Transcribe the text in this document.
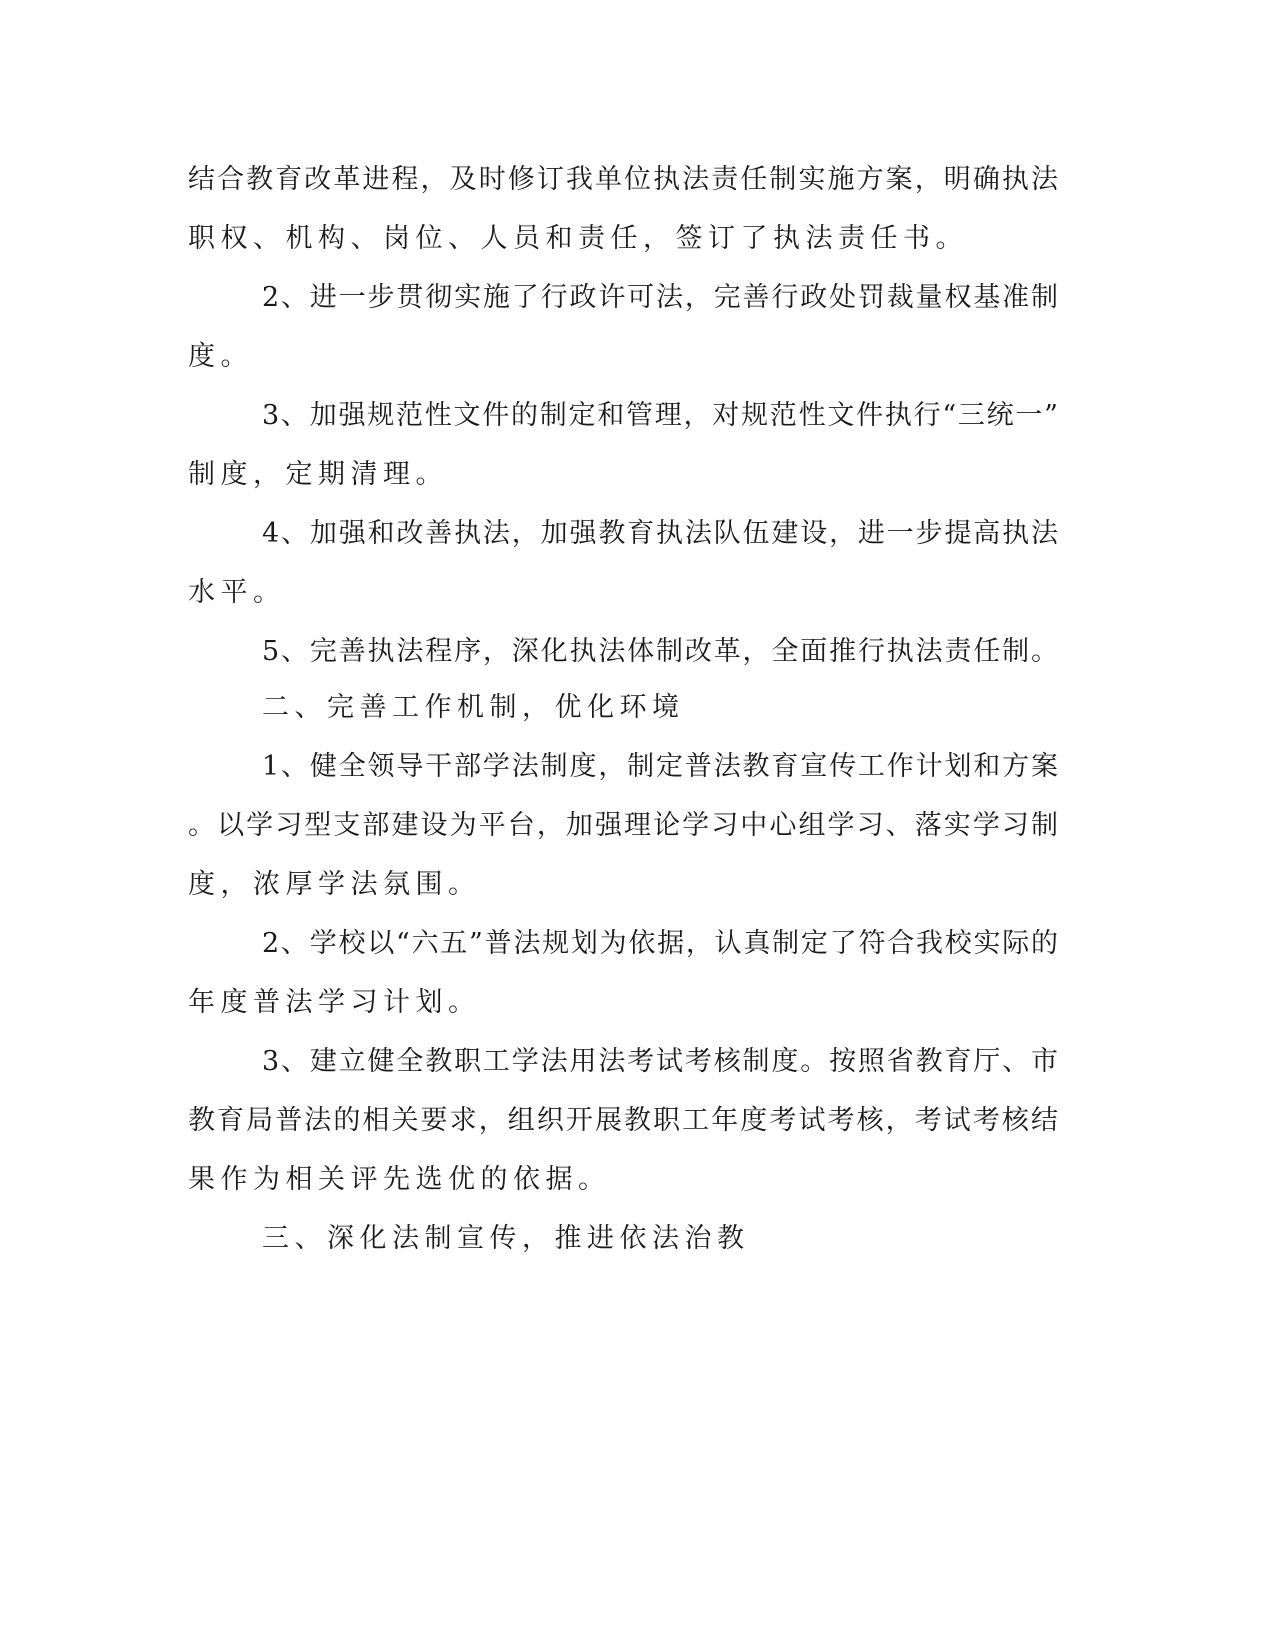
结合教育改革进程，及时修订我单位执法责任制实施方案，明确执法
职权、机构、岗位、人员和责任，签订了执法责任书。
2、进一步贯彻实施了行政许可法，完善行政处罚裁量权基准制
度。
3、加强规范性文件的制定和管理，对规范性文件执行“三统一”
制度，定期清理。
4、加强和改善执法，加强教育执法队伍建设，进一步提高执法
水平。
5、完善执法程序，深化执法体制改革，全面推行执法责任制。
二、完善工作机制，优化环境
1、健全领导干部学法制度，制定普法教育宣传工作计划和方案
。以学习型支部建设为平台，加强理论学习中心组学习、落实学习制
度，浓厚学法氛围。
2、学校以“六五”普法规划为依据，认真制定了符合我校实际的
年度普法学习计划。
3、建立健全教职工学法用法考试考核制度。按照省教育厅、市
教育局普法的相关要求，组织开展教职工年度考试考核，考试考核结
果作为相关评先选优的依据。
三、深化法制宣传，推进依法治教
